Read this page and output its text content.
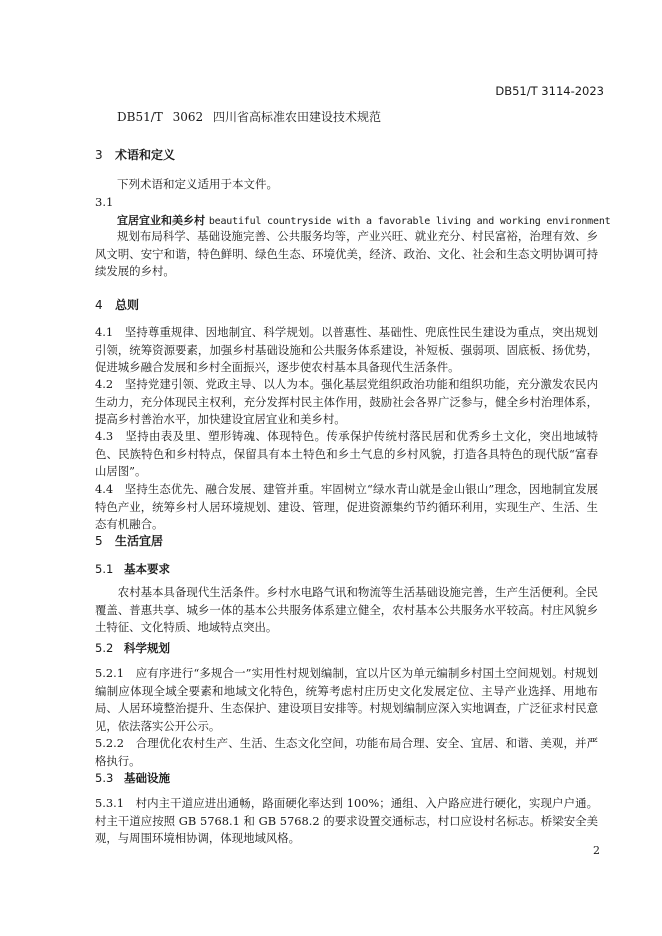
DB51/T 3114-2023
DB51/T 3062 四川省高标准农田建设技术规范
3 术语和定义
下列术语和定义适用于本文件。
3.1
宜居宜业和美乡村 beautiful countryside with a favorable living and working environment
规划布局科学、基础设施完善、公共服务均等，产业兴旺、就业充分、村民富裕，治理有效、乡风文明、安宁和谐，特色鲜明、绿色生态、环境优美，经济、政治、文化、社会和生态文明协调可持续发展的乡村。
4 总则
4.1　坚持尊重规律、因地制宜、科学规划。以普惠性、基础性、兜底性民生建设为重点，突出规划引领，统筹资源要素，加强乡村基础设施和公共服务体系建设，补短板、强弱项、固底板、扬优势，促进城乡融合发展和乡村全面振兴，逐步使农村基本具备现代生活条件。
4.2　坚持党建引领、党政主导、以人为本。强化基层党组织政治功能和组织功能，充分激发农民内生动力，充分体现民主权利，充分发挥村民主体作用，鼓励社会各界广泛参与，健全乡村治理体系，提高乡村善治水平，加快建设宜居宜业和美乡村。
4.3　坚持由表及里、塑形铸魂、体现特色。传承保护传统村落民居和优秀乡土文化，突出地域特色、民族特色和乡村特点，保留具有本土特色和乡土气息的乡村风貌，打造各具特色的现代版“富春山居图”。
4.4　坚持生态优先、融合发展、建管并重。牢固树立“绿水青山就是金山银山”理念，因地制宜发展特色产业，统筹乡村人居环境规划、建设、管理，促进资源集约节约循环利用，实现生产、生活、生态有机融合。
5 生活宜居
5.1 基本要求
农村基本具备现代生活条件。乡村水电路气讯和物流等生活基础设施完善，生产生活便利。全民覆盖、普惠共享、城乡一体的基本公共服务体系建立健全，农村基本公共服务水平较高。村庄风貌乡土特征、文化特质、地域特点突出。
5.2 科学规划
5.2.1　应有序进行“多规合一”实用性村规划编制，宜以片区为单元编制乡村国土空间规划。村规划编制应体现全域全要素和地域文化特色，统筹考虑村庄历史文化发展定位、主导产业选择、用地布局、人居环境整治提升、生态保护、建设项目安排等。村规划编制应深入实地调查，广泛征求村民意见，依法落实公开公示。
5.2.2　合理优化农村生产、生活、生态文化空间，功能布局合理、安全、宜居、和谐、美观，并严格执行。
5.3 基础设施
5.3.1　村内主干道应进出通畅，路面硬化率达到 100%；通组、入户路应进行硬化，实现户户通。村主干道应按照 GB 5768.1 和 GB 5768.2 的要求设置交通标志，村口应设村名标志。桥梁安全美观，与周围环境相协调，体现地域风格。
2
